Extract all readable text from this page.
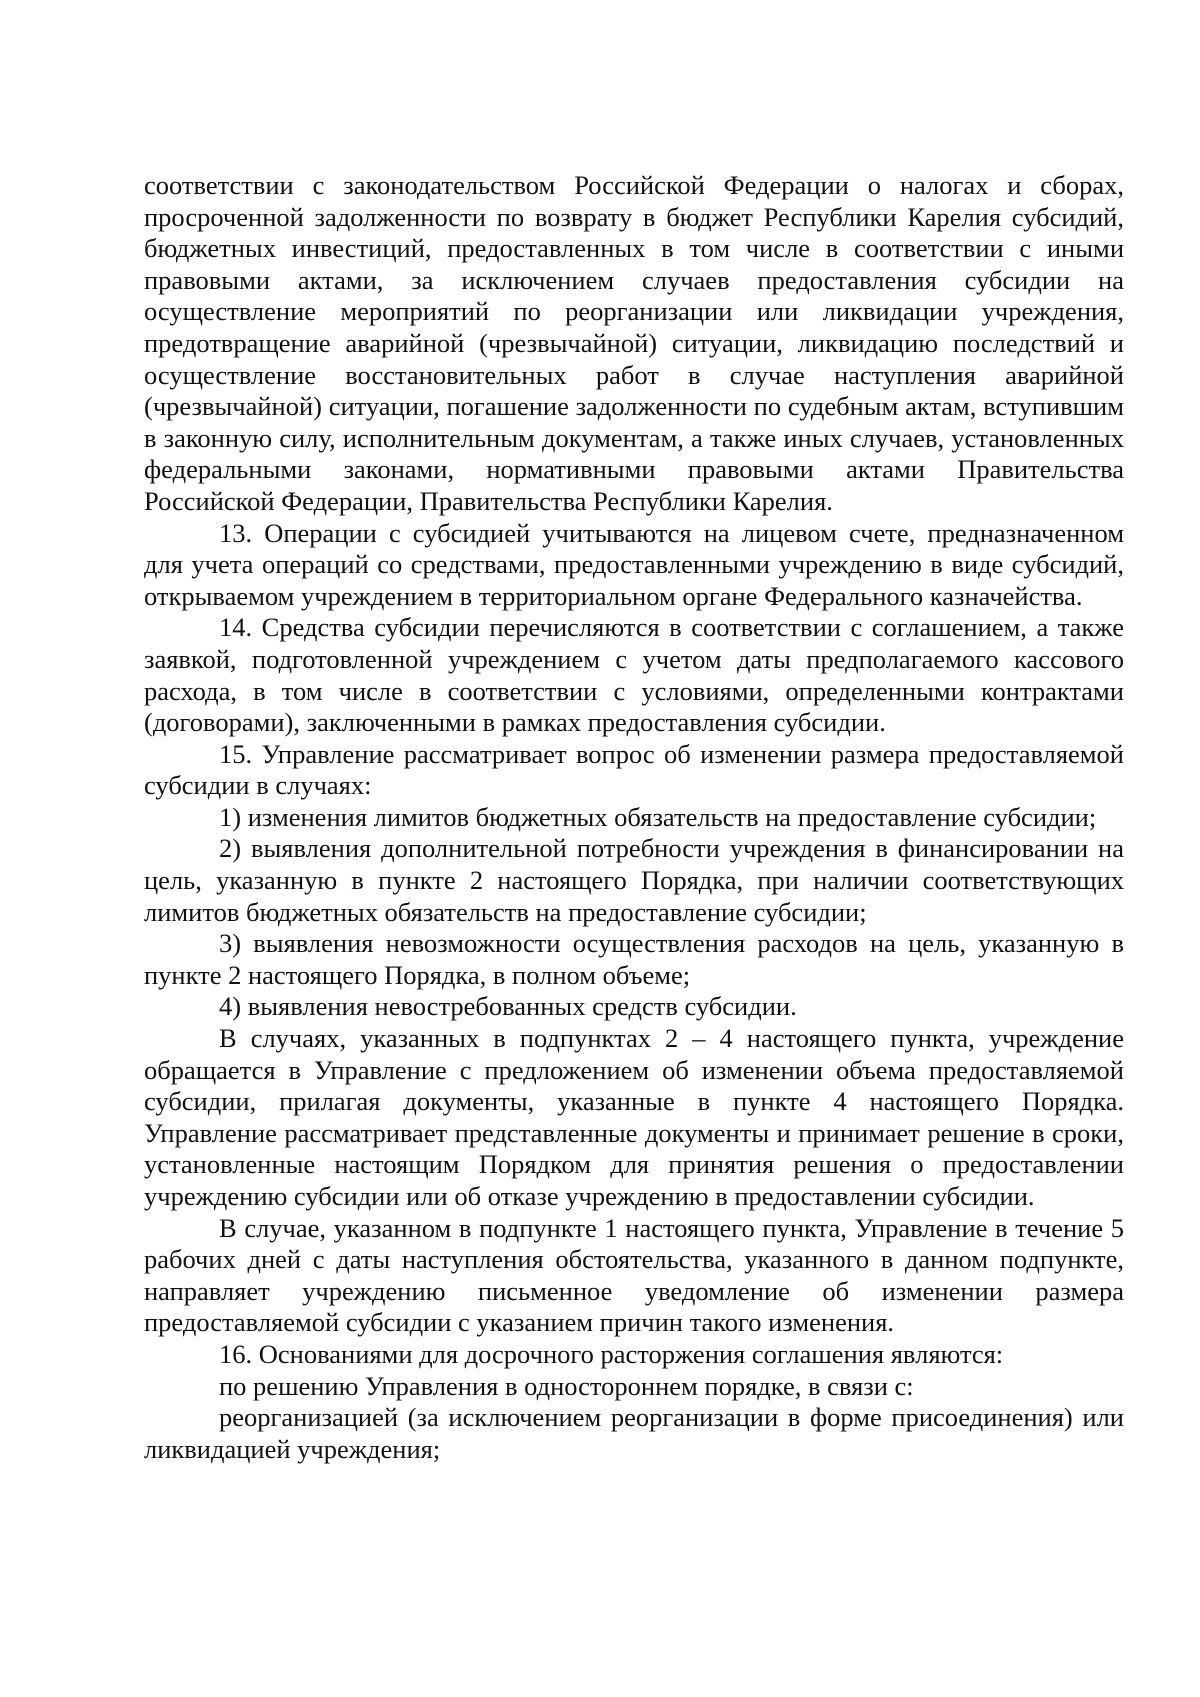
соответствии с законодательством Российской Федерации о налогах и сборах, просроченной задолженности по возврату в бюджет Республики Карелия субсидий, бюджетных инвестиций, предоставленных в том числе в соответствии с иными правовыми актами, за исключением случаев предоставления субсидии на осуществление мероприятий по реорганизации или ликвидации учреждения, предотвращение аварийной (чрезвычайной) ситуации, ликвидацию последствий и осуществление восстановительных работ в случае наступления аварийной (чрезвычайной) ситуации, погашение задолженности по судебным актам, вступившим в законную силу, исполнительным документам, а также иных случаев, установленных федеральными законами, нормативными правовыми актами Правительства Российской Федерации, Правительства Республики Карелия.

13. Операции с субсидией учитываются на лицевом счете, предназначенном для учета операций со средствами, предоставленными учреждению в виде субсидий, открываемом учреждением в территориальном органе Федерального казначейства.

14. Средства субсидии перечисляются в соответствии с соглашением, а также заявкой, подготовленной учреждением с учетом даты предполагаемого кассового расхода, в том числе в соответствии с условиями, определенными контрактами (договорами), заключенными в рамках предоставления субсидии.

15. Управление рассматривает вопрос об изменении размера предоставляемой субсидии в случаях:

1) изменения лимитов бюджетных обязательств на предоставление субсидии;

2) выявления дополнительной потребности учреждения в финансировании на цель, указанную в пункте 2 настоящего Порядка, при наличии соответствующих лимитов бюджетных обязательств на предоставление субсидии;

3) выявления невозможности осуществления расходов на цель, указанную в пункте 2 настоящего Порядка, в полном объеме;

4) выявления невостребованных средств субсидии.

В случаях, указанных в подпунктах 2 – 4 настоящего пункта, учреждение обращается в Управление с предложением об изменении объема предоставляемой субсидии, прилагая документы, указанные в пункте 4 настоящего Порядка. Управление рассматривает представленные документы и принимает решение в сроки, установленные настоящим Порядком для принятия решения о предоставлении учреждению субсидии или об отказе учреждению в предоставлении субсидии.

В случае, указанном в подпункте 1 настоящего пункта, Управление в течение 5 рабочих дней с даты наступления обстоятельства, указанного в данном подпункте, направляет учреждению письменное уведомление об изменении размера предоставляемой субсидии с указанием причин такого изменения.

16. Основаниями для досрочного расторжения соглашения являются:

по решению Управления в одностороннем порядке, в связи с:

реорганизацией (за исключением реорганизации в форме присоединения) или ликвидацией учреждения;
